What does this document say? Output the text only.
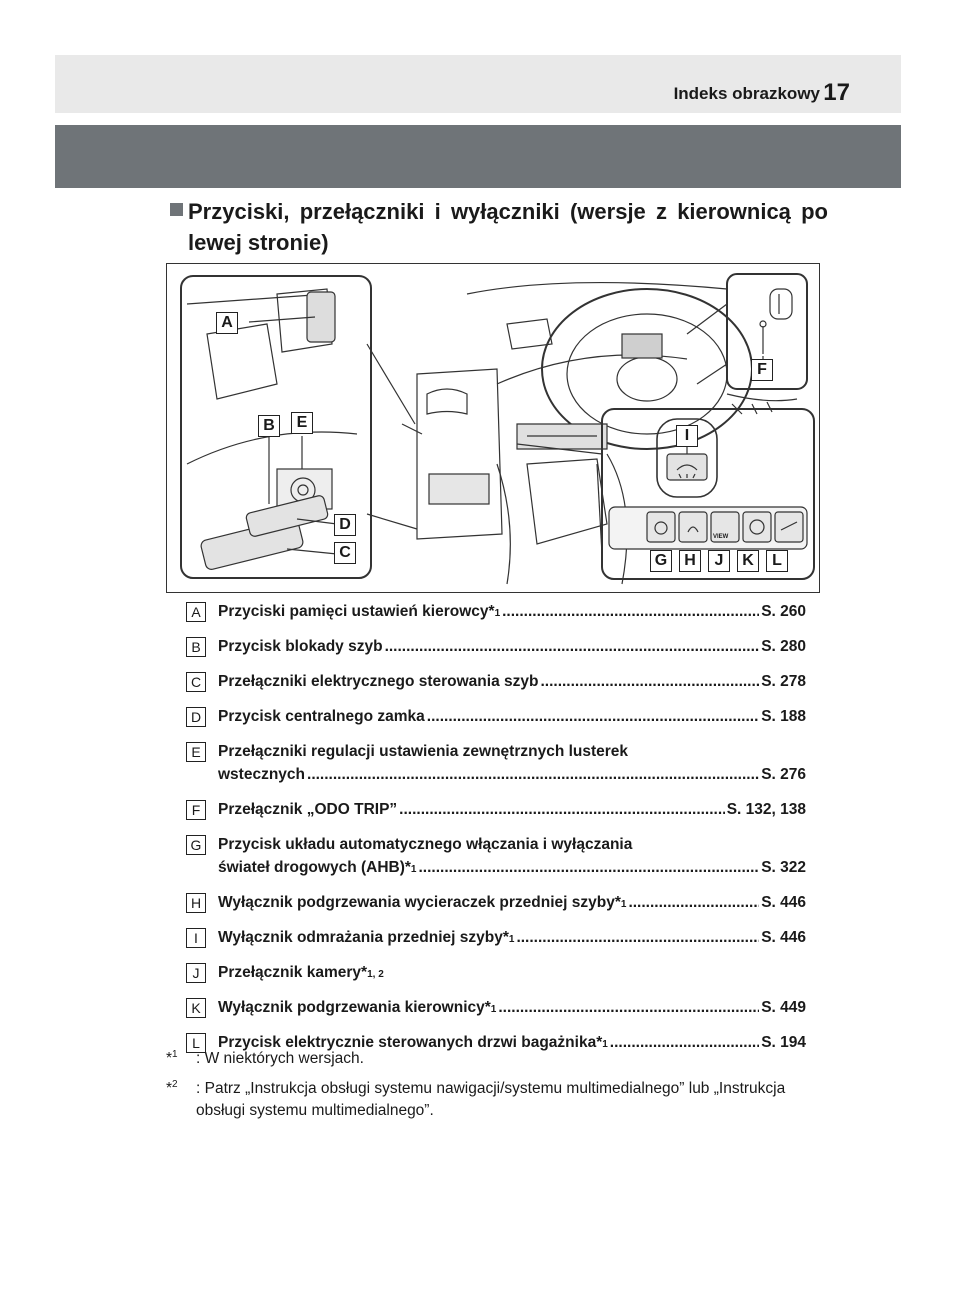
Indeks obrazkowy 17
Przyciski, przełączniki i wyłączniki (wersje z kierownicą po lewej stronie)
A
B	E
D
C
F
I
G	H	J	K	L
VIEW
A	Przyciski pamięci ustawień kierowcy* 1 .....	S. 260
B	Przycisk blokady szyb .....	S. 280
C	Przełączniki elektrycznego sterowania szyb .....	S. 278
D	Przycisk centralnego zamka .....	S. 188
E	Przełączniki regulacji ustawienia zewnętrznych lusterek
wstecznych .....	S. 276
F	Przełącznik „ODO TRIP” .....	S. 132, 138
G Przycisk układu automatycznego włączania i wyłączania
świateł drogowych (AHB)* 1 .....	S. 322
H	Wyłącznik podgrzewania wycieraczek przedniej szyby* 1 .....	S. 446
I	Wyłącznik odmrażania przedniej szyby* 1 .....	S. 446
J	Przełącznik kamery* 1, 2
K	Wyłącznik podgrzewania kierownicy* 1 .....	S. 449
L	Przycisk elektrycznie sterowanych drzwi bagażnika* 1 .....	S. 194
*$^1$ : W niektórych wersjach.
*$^2$ : Patrz „Instrukcja obsługi systemu nawigacji/systemu multimedialnego” lub „Instrukcja obsługi systemu multimedialnego”.
